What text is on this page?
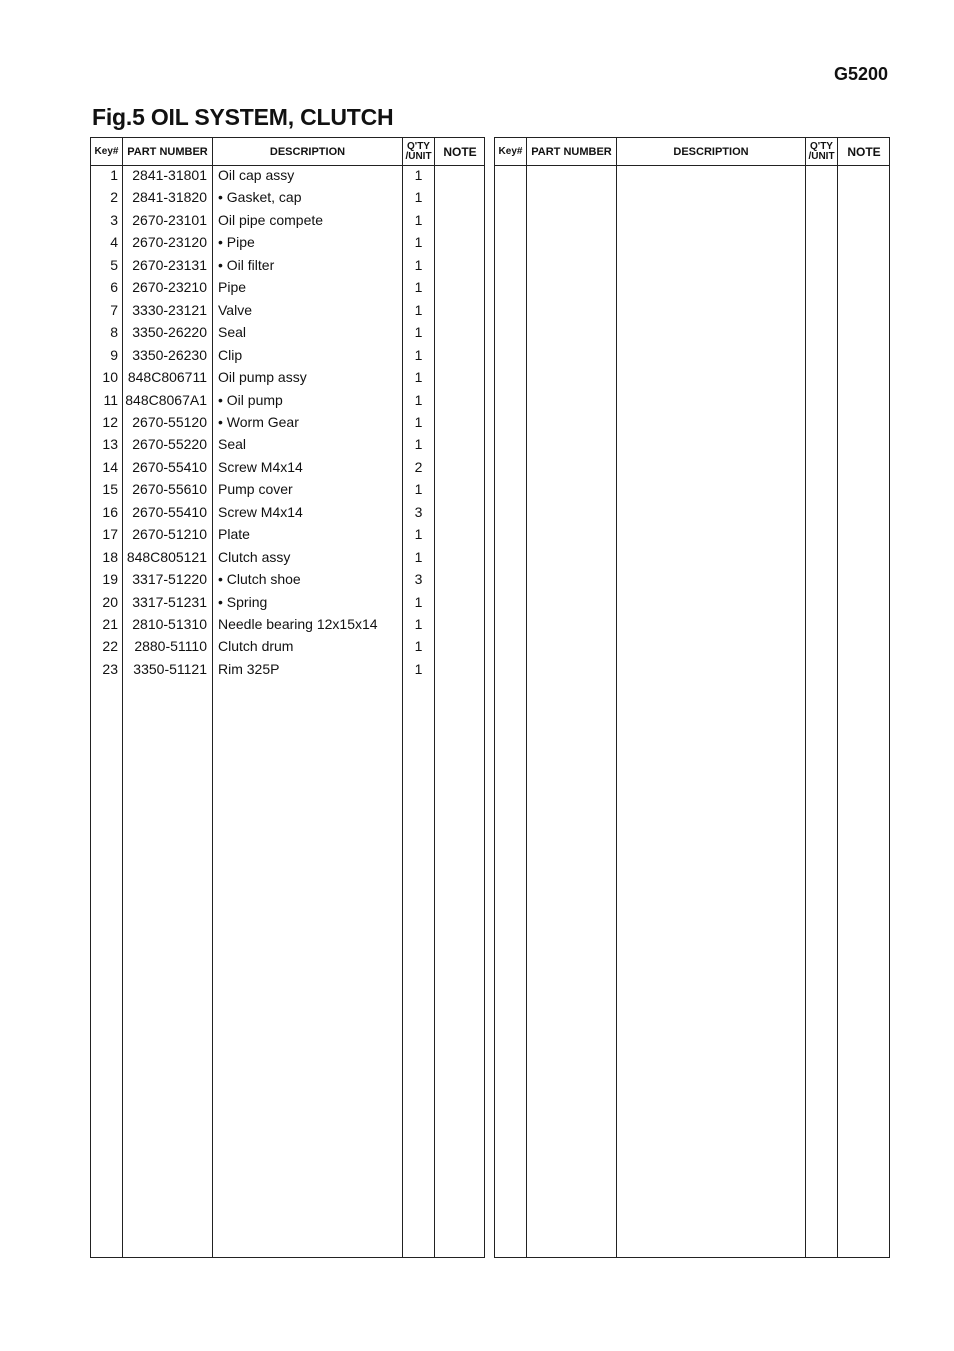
G5200
Fig.5 OIL SYSTEM, CLUTCH
Key# PART NUMBER	DESCRIPTION	Q'TY
/UNIT NOTE
1	2841-31801 Oil cap assy	1
2	2841-31820 • Gasket, cap	1
3	2670-23101 Oil pipe compete	1
4	2670-23120 • Pipe	1
5	2670-23131 • Oil filter	1
6	2670-23210 Pipe	1
7	3330-23121 Valve	1
8	3350-26220 Seal	1
9	3350-26230 Clip	1
10 848C806711 Oil pump assy	1
11 848C8067A1 • Oil pump	1
12	2670-55120 • Worm Gear	1
13	2670-55220 Seal	1
14	2670-55410 Screw M4x14	2
15	2670-55610 Pump cover	1
16	2670-55410 Screw M4x14	3
17	2670-51210 Plate	1
18 848C805121 Clutch assy	1
19	3317-51220 • Clutch shoe	3
20	3317-51231 • Spring	1
21	2810-51310 Needle bearing 12x15x14	1
22	2880-51110 Clutch drum	1
23	3350-51121 Rim 325P	1
Key# PART NUMBER	DESCRIPTION	Q'TY
/UNIT	NOTE
